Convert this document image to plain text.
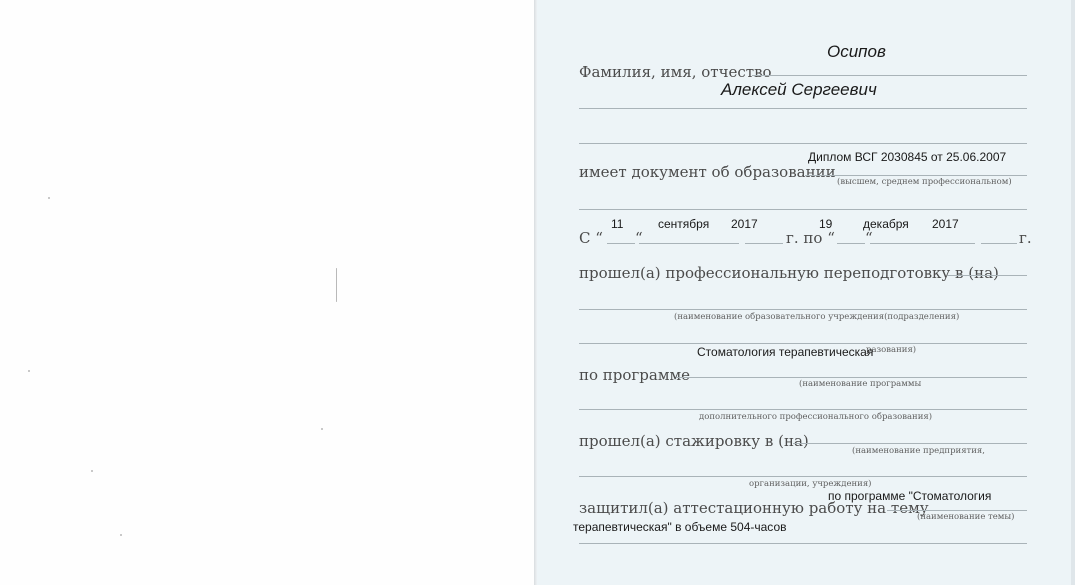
Осипов
Фамилия, имя, отчество
Алексей Сергеевич
Диплом ВСГ 2030845 от 25.06.2007
имеет документ об образовании
(высшем, среднем профессиональном)
11	сентября 2017	19	декабря 2017
С “ “	г. по “ “	г.
прошел(а) профессиональную переподготовку в (на)
(наименование образовательного учреждения(подразделения)
разования)
Стоматология терапевтическая
по программе	(наименование программы
дополнительного профессионального образования)
прошел(а) стажировку в (на)
(наименование предприятия,
организации, учреждения)
по программе "Стоматология
защитил(а) аттестационную работу на тему
(наименование темы)
терапевтическая" в объеме 504-часов
